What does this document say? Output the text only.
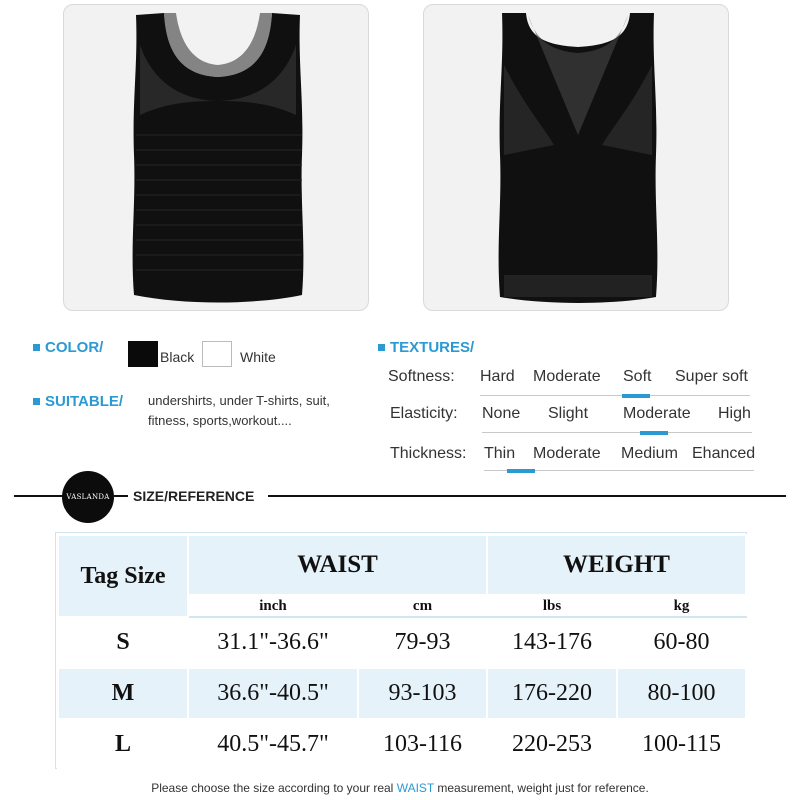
COLOR/
Black	White
SUITABLE/ undershirts, under T-shirts, suit,
fitness, sports,workout....
TEXTURES/
Softness: Hard Moderate Soft Super soft
Elasticity: None Slight Moderate High
Thickness: Thin Moderate Medium Ehanced
VASLANDA SIZE/REFERENCE
Tag Size	WAIST		WEIGHT	
	inch	cm	lbs	kg
S	31.1"-36.6"	79-93	143-176	60-80
M	36.6"-40.5"	93-103	176-220	80-100
L	40.5"-45.7"	103-116	220-253	100-115
Please choose the size according to your real WAIST measurement, weight just for reference.
